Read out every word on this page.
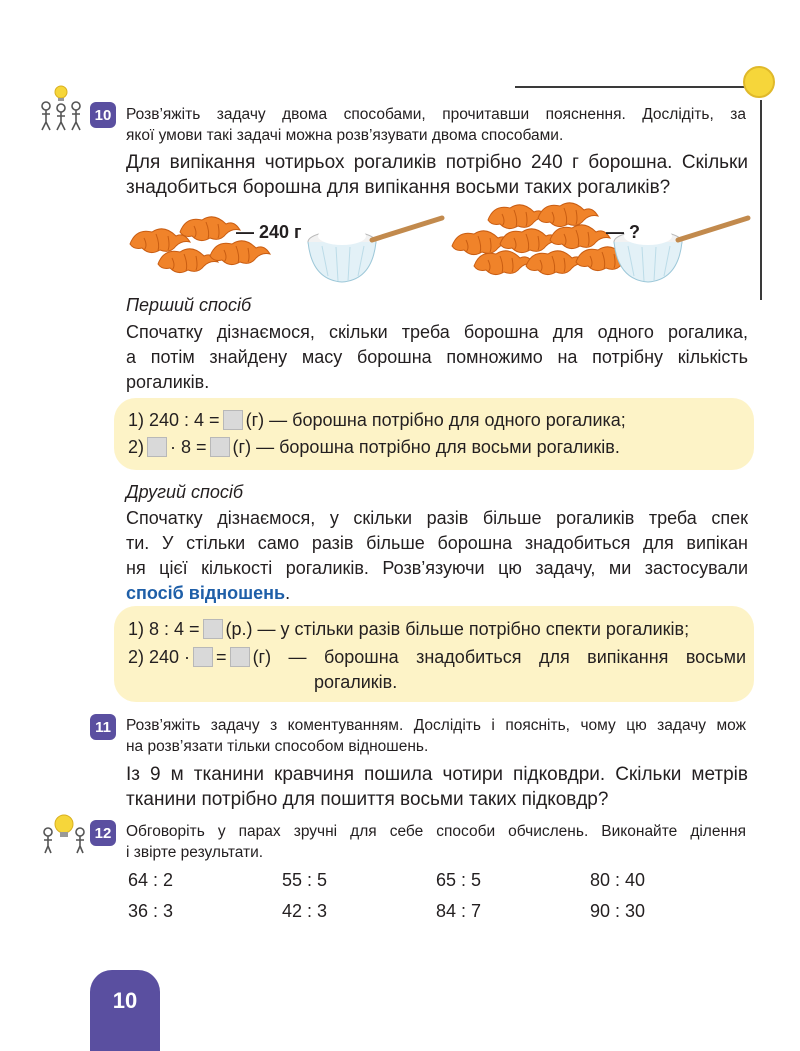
10 Розв’яжіть задачу двома способами, прочитавши пояснення. Дослідіть, за
якої умови такі задачі можна розв’язувати двома способами.
Для випікання чотирьох рогаликів потрібно 240 г борошна. Скільки
знадобиться борошна для випікання восьми таких рогаликів?
— 240 г	— ?
Перший спосіб
Спочатку дізнаємося, скільки треба борошна для одного рогалика,
а потім знайдену масу борошна помножимо на потрібну кількість
рогаликів.
1) 240 : 4 = (г) — борошна потрібно для одного рогалика;
2) · 8 = (г) — борошна потрібно для восьми рогаликів.
Другий спосіб
Спочатку дізнаємося, у скільки разів більше рогаликів треба спек
ти. У стільки само разів більше борошна знадобиться для випікан
ня цієї кількості рогаликів. Розв’язуючи цю задачу, ми застосували
спосіб відношень.
1) 8 : 4 = (р.) — у стільки разів більше потрібно спекти рогаликів;
2) 240 · = (г) — борошна знадобиться для випікання восьми
рогаликів.
11 Розв’яжіть задачу з коментуванням. Дослідіть і поясніть, чому цю задачу мож
на розв’язати тільки способом відношень.
Із 9 м тканини кравчиня пошила чотири підковдри. Скільки метрів
тканини потрібно для пошиття восьми таких підковдр?
12 Обговоріть у парах зручні для себе способи обчислень. Виконайте ділення
і звірте результати.
64 : 2	55 : 5	65 : 5	80 : 40
36 : 3	42 : 3	84 : 7	90 : 30
10
